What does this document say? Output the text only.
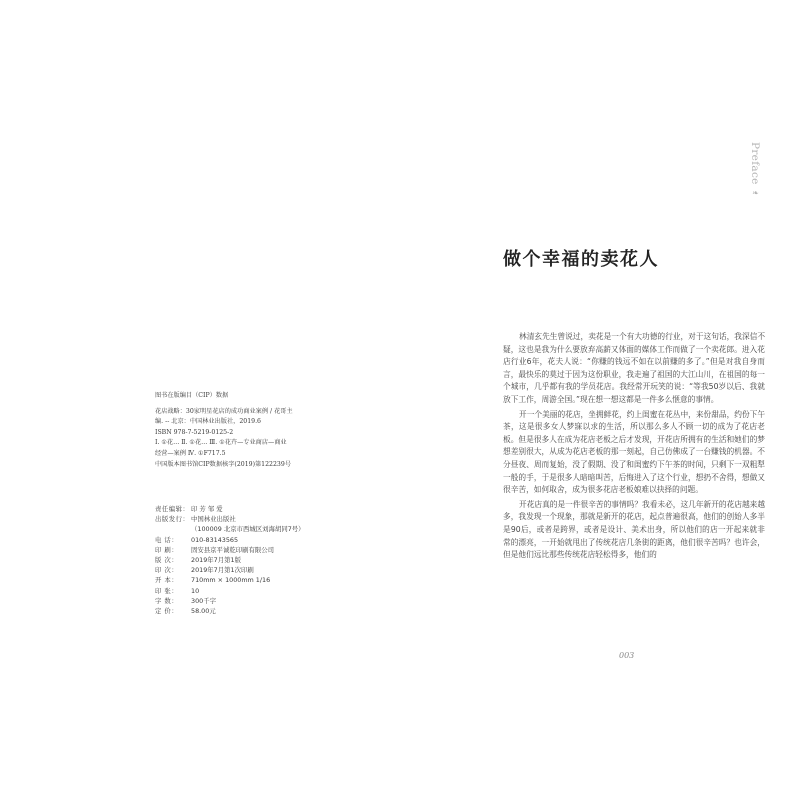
图书在版编目（CIP）数据

花店战略：30家明星花店的成功商业案例 / 花哥主

编. -- 北京：中国林业出版社，2019.6

ISBN 978-7-5219-0125-2

Ⅰ. ①花… Ⅱ. ①花… Ⅲ. ①花卉—专业商店—商业

经营—案例 Ⅳ. ①F717.5

中国版本图书馆CIP数据核字(2019)第122239号

责任编辑： 印 芳 邹 爱
出版发行： 中国林业出版社
（100009 北京市西城区刘海胡同7号）
电 话：	010-83143565
印 刷：	固安县京平诚乾印刷有限公司
版 次：	2019年7月第1版
印 次：	2019年7月第1次印刷
开 本：	710mm × 1000mm 1/16
印 张：	10
字 数：	300千字
定 价：	58.00元
Preface ❧
做个幸福的卖花人

林清玄先生曾说过，卖花是一个有大功德的行业，对于这句话，我深信不疑，这也是我为什么要放弃高薪又体面的媒体工作而做了一个卖花郎。进入花店行业6年，花夫人说：“你赚的钱远不如在以前赚的多了。”但是对我自身而言，最快乐的莫过于因为这份职业，我走遍了祖国的大江山川，在祖国的每一个城市，几乎都有我的学员花店。我经常开玩笑的说：“等我50岁以后、我就放下工作，周游全国。”现在想一想这都是一件多么惬意的事情。

开一个美丽的花店，坐拥鲜花，约上闺蜜在花丛中，来份甜品，约份下午茶，这是很多女人梦寐以求的生活，所以那么多人不顾一切的成为了花店老板。但是很多人在成为花店老板之后才发现，开花店所拥有的生活和她们的梦想差别很大，从成为花店老板的那一刻起，自己仿佛成了一台赚钱的机器。不分昼夜、周而复始，没了假期、没了和闺蜜约下午茶的时间，只剩下一双粗犁一般的手，于是很多人暗暗叫苦，后悔进入了这个行业，想扔不舍得，想做又很辛苦，如何取舍，成为很多花店老板娘难以抉择的问题。

开花店真的是一件很辛苦的事情吗？我看未必，这几年新开的花店越来越多，我发现一个现象，那就是新开的花店，起点普遍很高，他们的创始人多半是90后，或者是跨界，或者是设计、美术出身，所以他们的店一开起来就非常的漂亮，一开始就甩出了传统花店几条街的距离，他们很辛苦吗？也许会，但是他们远比那些传统花店轻松得多，他们的

003
